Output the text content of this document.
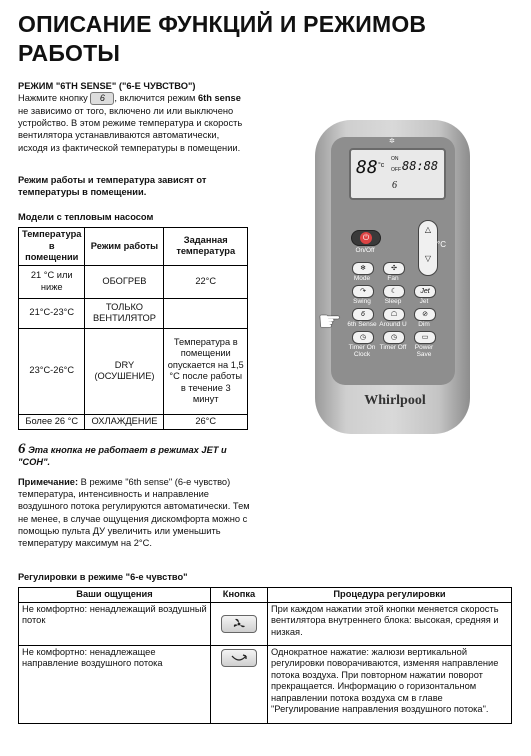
ОПИСАНИЕ ФУНКЦИЙ И РЕЖИМОВ
РАБОТЫ
РЕЖИМ "6TH SENSE" ("6-Е ЧУВСТВО")
Нажмите кнопку 6 , включится режим 6th sense не зависимо от того, включено ли или выключено устройство. В этом режиме температура и скорость вентилятора устанавливаются автоматически, исходя из фактической температуры в помещении.
Режим работы и температура зависят от температуры в помещении.
Модели с тепловым насосом
Температура в помещении	Режим работы	Заданная температура
21 °C или ниже	ОБОГРЕВ	22°C
21°C-23°C	ТОЛЬКО ВЕНТИЛЯТОР	
23°C-26°C	DRY (ОСУШЕНИЕ)	Температура в помещении опускается на 1,5 °C после работы в течение 3 минут
Более 26 °C	ОХЛАЖДЕНИЕ	26°C
6 Эта кнопка не работает в режимах JET и "СОН".
Примечание: В режиме "6th sense" (6-е чувство) температура, интенсивность и направление воздушного потока регулируются автоматически. Тем не менее, в случае ощущения дискомфорта можно с помощью пульта ДУ увеличить или уменьшить температуру максимум на 2°C.
Регулировки в режиме "6-е чувство"
Ваши ощущения	Кнопка	Процедура регулировки
Не комфортно: ненадлежащий воздушный поток		При каждом нажатии этой кнопки меняется скорость вентилятора внутреннего блока: высокая, средняя и низкая.
Не комфортно: ненадлежащее направление воздушного потока		Однократное нажатие: жалюзи вертикальной регулировки поворачиваются, изменяя направление потока воздуха. При повторном нажатии поворот прекращается. Информацию о горизонтальном направлении потока воздуха см в главе "Регулирование направления воздушного потока".
✲
88 °c
ON
OFF 88:88
6
⏻
On/Off
△
▽
°C
❄	✣
Mode	Fan
↷	☾	Jet
Swing	Sleep	Jet
6	☖	⊘
6th Sense Around U	Dim
◷	◷	▭
Timer On Clock
Timer Off	Power Save
☛
Whirlpool
